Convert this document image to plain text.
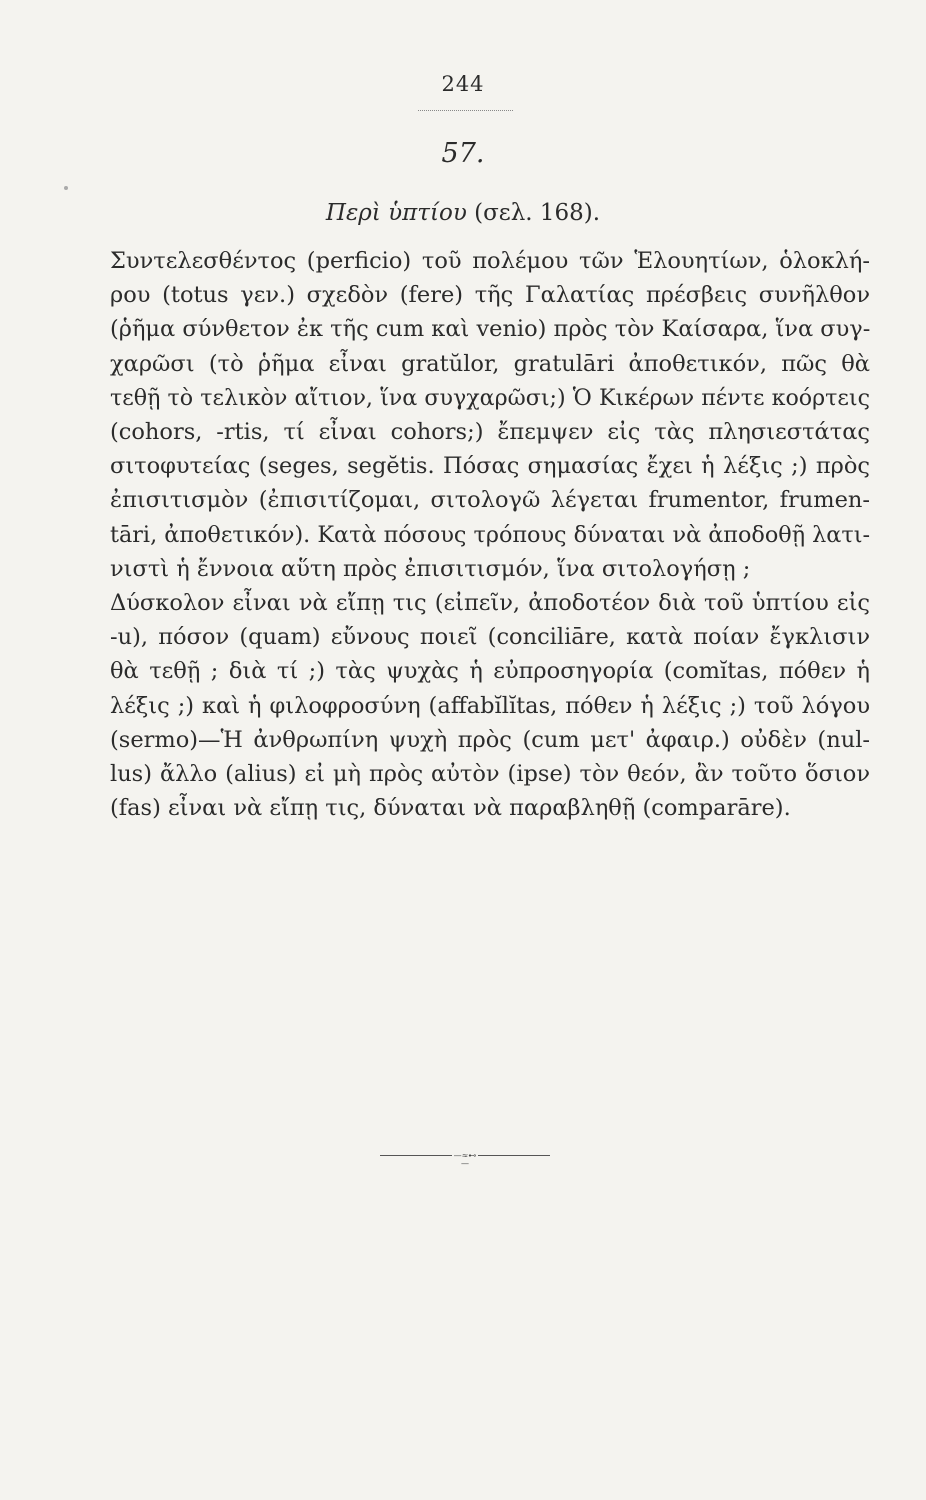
244
57.
Περὶ ὑπτίου (σελ. 168).
Συντελεσθέντος (perficio) τοῦ πολέμου τῶν Ἑλουητίων, ὁλοκλή-
ρου (totus γεν.) σχεδὸν (fere) τῆς Γαλατίας πρέσβεις συνῆλθον
(ῥῆμα σύνθετον ἐκ τῆς cum καὶ venio) πρὸς τὸν Καίσαρα, ἵνα συγ-
χαρῶσι (τὸ ῥῆμα εἶναι gratŭlor, gratulāri ἀποθετικόν, πῶς θὰ
τεθῇ τὸ τελικὸν αἴτιον, ἵνα συγχαρῶσι;) Ὁ Κικέρων πέντε κοόρτεις
(cohors, -rtis, τί εἶναι cohors;) ἔπεμψεν εἰς τὰς πλησιεστάτας
σιτοφυτείας (seges, segĕtis. Πόσας σημασίας ἔχει ἡ λέξις ;) πρὸς
ἐπισιτισμὸν (ἐπισιτίζομαι, σιτολογῶ λέγεται frumentor, frumen-
tāri, ἀποθετικόν). Κατὰ πόσους τρόπους δύναται νὰ ἀποδοθῇ λατι-
νιστὶ ἡ ἔννοια αὕτη πρὸς ἐπισιτισμόν, ἵνα σιτολογήσῃ ;
Δύσκολον εἶναι νὰ εἴπῃ τις (εἰπεῖν, ἀποδοτέον διὰ τοῦ ὑπτίου εἰς
-u), πόσον (quam) εὔνους ποιεῖ (conciliāre, κατὰ ποίαν ἔγκλισιν
θὰ τεθῇ ; διὰ τί ;) τὰς ψυχὰς ἡ εὐπροσηγορία (comĭtas, πόθεν ἡ
λέξις ;) καὶ ἡ φιλοφροσύνη (affabĭlĭtas, πόθεν ἡ λέξις ;) τοῦ λόγου
(sermo)—Ἡ ἀνθρωπίνη ψυχὴ πρὸς (cum μετ' ἀφαιρ.) οὐδὲν (nul-
lus) ἄλλο (alius) εἰ μὴ πρὸς αὐτὸν (ipse) τὸν θεόν, ἂν τοῦτο ὅσιον
(fas) εἶναι νὰ εἴπῃ τις, δύναται νὰ παραβληθῇ (comparāre).
—≈⊷—
